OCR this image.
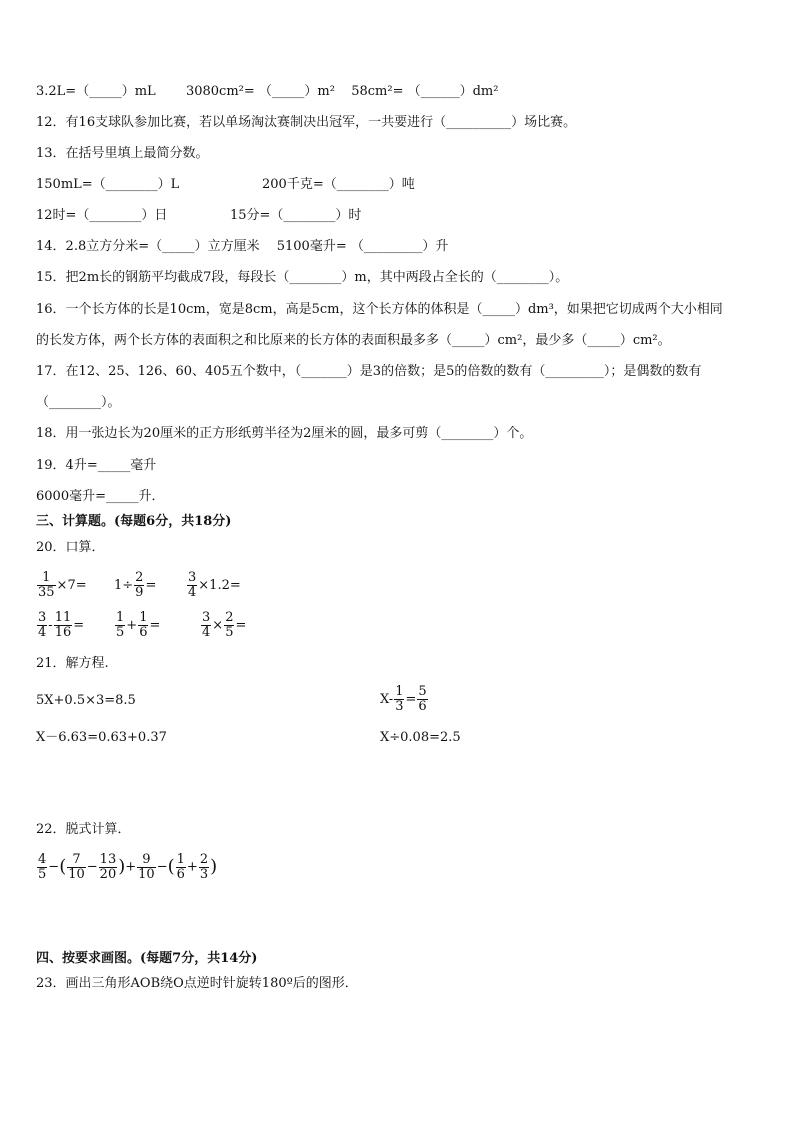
3.2L=（_____）mL 3080cm²= （_____）m² 58cm²= （______）dm²
12．有16支球队参加比赛，若以单场淘汰赛制决出冠军，一共要进行（__________）场比赛。
13．在括号里填上最简分数。
150mL=（________）L	200千克=（________）吨
12时=（________）日	15分=（________）时
14．2.8立方分米=（_____）立方厘米　 5100毫升= （_________）升
15．把2m长的钢筋平均截成7段，每段长（________）m，其中两段占全长的（________）。
16．一个长方体的长是10cm，宽是8cm，高是5cm，这个长方体的体积是（_____）dm³，如果把它切成两个大小相同
的长发方体，两个长方体的表面积之和比原来的长方体的表面积最多多（_____）cm²，最少多（_____）cm²。
17．在12、25、126、60、405五个数中，（_______）是3的倍数；是5的倍数的数有（_________）；是偶数的数有
（________）。
18．用一张边长为20厘米的正方形纸剪半径为2厘米的圆，最多可剪（________）个。
19．4升=_____毫升
6000毫升=_____升．
三、计算题。(每题6分，共18分)
20．口算．
$\frac{1}{35} \times 7= 1\div \frac{2}{9} = \frac{3}{4} \times 1.2=$
$\frac{3}{4} - \frac{11}{16} = \frac{1}{5} + \frac{1}{6}$ =	$\frac{3}{4} \times \frac{2}{5}$ =
21．解方程.
5X+0.5×3=8.5	$X- \frac{1}{3} = \frac{5}{6}$
X－6.63=0.63+0.37	X÷0.08=2.5
22．脱式计算．
$\frac{4}{5}$ −( $\frac{7}{10} - \frac{13}{20}$ )+ $\frac{9}{10}$ −( $\frac{1}{6} + \frac{2}{3}$ )
四、按要求画图。(每题7分，共14分)
23．画出三角形AOB绕O点逆时针旋转180º后的图形．
